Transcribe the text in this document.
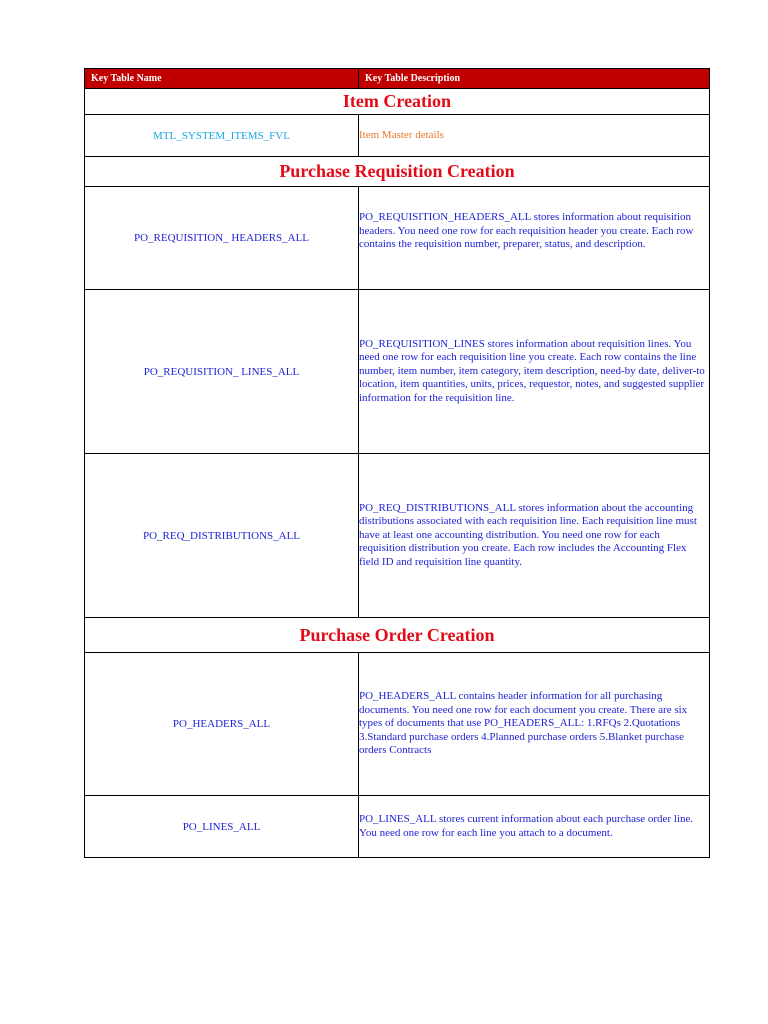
Key Table Name	Key Table Description
Item Creation	
MTL_SYSTEM_ITEMS_FVL	Item Master details
Purchase Requisition Creation	
PO_REQUISITION_ HEADERS_ALL	PO_REQUISITION_HEADERS_ALL stores information about requisition headers. You need one row for each requisition header you create. Each row contains the requisition number, preparer, status, and description.
PO_REQUISITION_ LINES_ALL	PO_REQUISITION_LINES stores information about requisition lines. You need one row for each requisition line you create. Each row contains the line number, item number, item category, item description, need-by date, deliver-to location, item quantities, units, prices, requestor, notes, and suggested supplier information for the requisition line.
PO_REQ_DISTRIBUTIONS_ALL	PO_REQ_DISTRIBUTIONS_ALL stores information about the accounting distributions associated with each requisition line. Each requisition line must have at least one accounting distribution. You need one row for each requisition distribution you create. Each row includes the Accounting Flex field ID and requisition line quantity.
Purchase Order Creation	
PO_HEADERS_ALL	PO_HEADERS_ALL contains header information for all purchasing documents. You need one row for each document you create. There are six types of documents that use PO_HEADERS_ALL: 1.RFQs 2.Quotations 3.Standard purchase orders 4.Planned purchase orders 5.Blanket purchase orders Contracts
PO_LINES_ALL	PO_LINES_ALL stores current information about each purchase order line. You need one row for each line you attach to a document.
